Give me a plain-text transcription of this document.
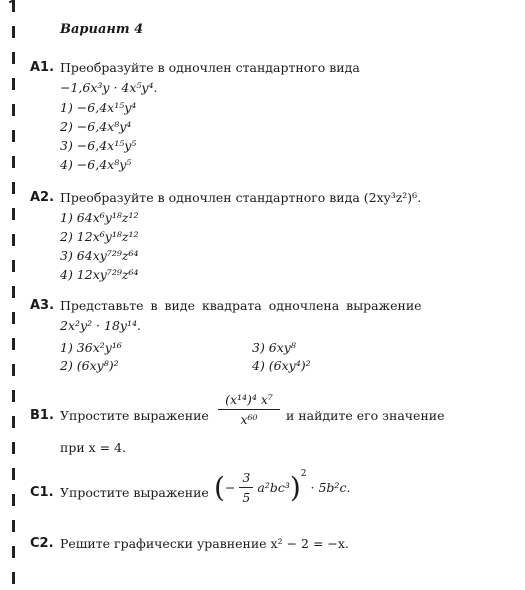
Вариант 4
А1. Преобразуйте в одночлен стандартного вида
−1,6x³y · 4x⁵y⁴.
1) −6,4x¹⁵y⁴
2) −6,4x⁸y⁴
3) −6,4x¹⁵y⁵
4) −6,4x⁸y⁵
А2. Преобразуйте в одночлен стандартного вида (2xy³z²)⁶.
1) 64x⁶y¹⁸z¹²
2) 12x⁶y¹⁸z¹²
3) 64xy⁷²⁹z⁶⁴
4) 12xy⁷²⁹z⁶⁴
А3. Представьте в виде квадрата одночлена выражение
2x²y² · 18y¹⁴.
1) 36x²y¹⁶
2) (6xy⁸)²
3) 6xy⁸
4) (6xy⁴)²
В1. Упростите выражение $\frac{\text{(x¹⁴)⁴ x⁷}}{\text{x⁶⁰}}$ и найдите его значение
при x = 4.
С1. Упростите выражение ( − $\frac{3}{5} a^2bc^3$ ) 2
· 5b²c.
С2. Решите графически уравнение x² − 2 = −x.
